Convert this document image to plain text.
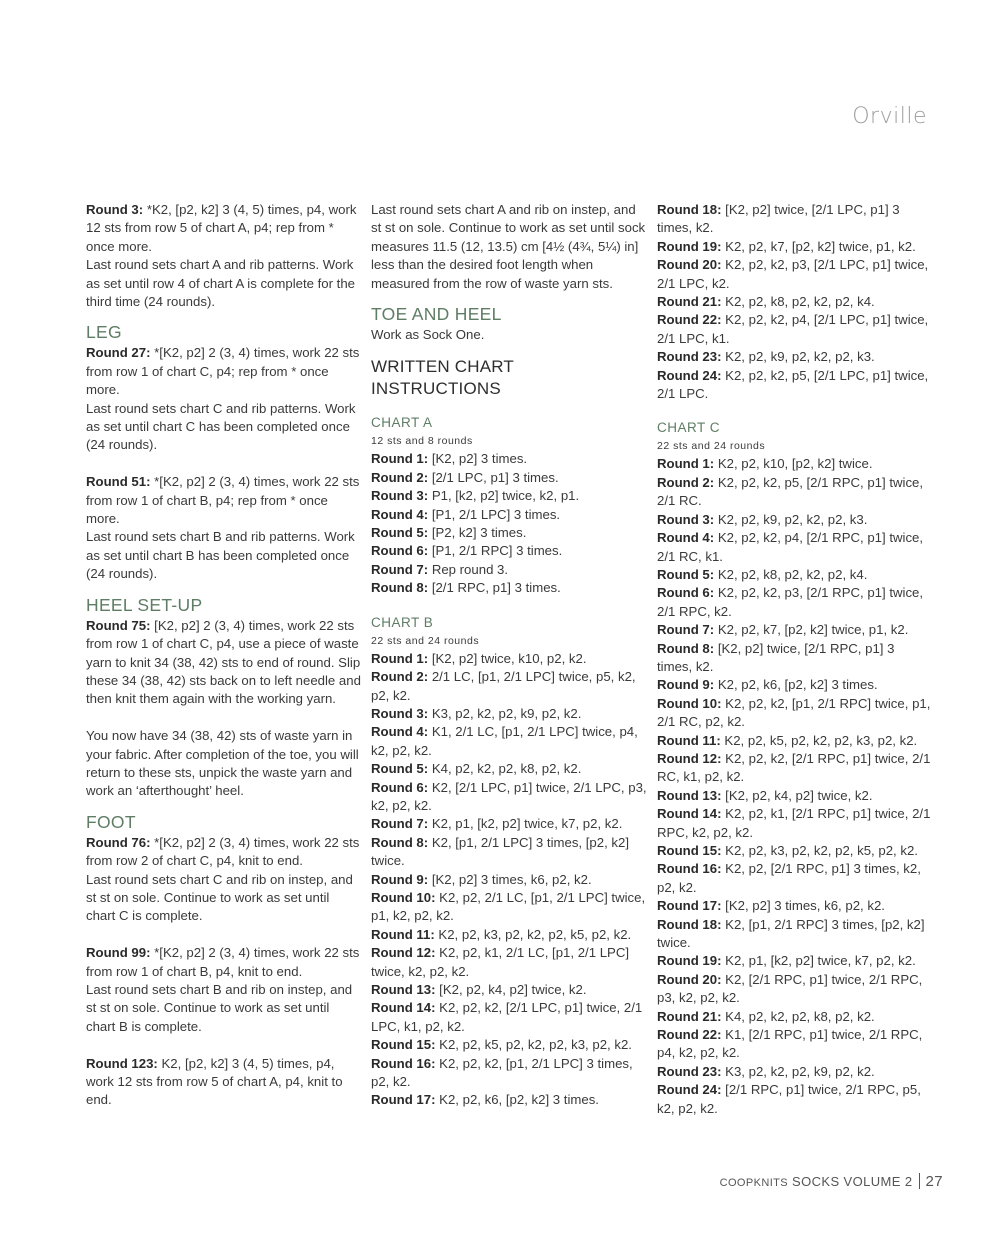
Orville

Round 3: *K2, [p2, k2] 3 (4, 5) times, p4, work 12 sts from row 5 of chart A, p4; rep from * once more.

Last round sets chart A and rib patterns. Work as set until row 4 of chart A is complete for the third time (24 rounds).

LEG

Round 27: *[K2, p2] 2 (3, 4) times, work 22 sts from row 1 of chart C, p4; rep from * once more.

Last round sets chart C and rib patterns. Work as set until chart C has been completed once (24 rounds).

Round 51: *[K2, p2] 2 (3, 4) times, work 22 sts from row 1 of chart B, p4; rep from * once more.

Last round sets chart B and rib patterns. Work as set until chart B has been completed once (24 rounds).

HEEL SET-UP

Round 75: [K2, p2] 2 (3, 4) times, work 22 sts from row 1 of chart C, p4, use a piece of waste yarn to knit 34 (38, 42) sts to end of round. Slip these 34 (38, 42) sts back on to left needle and then knit them again with the working yarn.

You now have 34 (38, 42) sts of waste yarn in your fabric. After completion of the toe, you will return to these sts, unpick the waste yarn and work an ‘afterthought’ heel.

FOOT

Round 76: *[K2, p2] 2 (3, 4) times, work 22 sts from row 2 of chart C, p4, knit to end.

Last round sets chart C and rib on instep, and st st on sole. Continue to work as set until chart C is complete.

Round 99: *[K2, p2] 2 (3, 4) times, work 22 sts from row 1 of chart B, p4, knit to end.

Last round sets chart B and rib on instep, and st st on sole. Continue to work as set until chart B is complete.

Round 123: K2, [p2, k2] 3 (4, 5) times, p4, work 12 sts from row 5 of chart A, p4, knit to end.

Last round sets chart A and rib on instep, and st st on sole. Continue to work as set until sock measures 11.5 (12, 13.5) cm [4½ (4¾, 5¼) in] less than the desired foot length when measured from the row of waste yarn sts.

TOE AND HEEL

Work as Sock One.

WRITTEN CHART INSTRUCTIONS
CHART A
12 sts and 8 rounds

Round 1: [K2, p2] 3 times.

Round 2: [2/1 LPC, p1] 3 times.

Round 3: P1, [k2, p2] twice, k2, p1.

Round 4: [P1, 2/1 LPC] 3 times.

Round 5: [P2, k2] 3 times.

Round 6: [P1, 2/1 RPC] 3 times.

Round 7: Rep round 3.

Round 8: [2/1 RPC, p1] 3 times.

CHART B
22 sts and 24 rounds

Round 1: [K2, p2] twice, k10, p2, k2.

Round 2: 2/1 LC, [p1, 2/1 LPC] twice, p5, k2, p2, k2.

Round 3: K3, p2, k2, p2, k9, p2, k2.

Round 4: K1, 2/1 LC, [p1, 2/1 LPC] twice, p4, k2, p2, k2.

Round 5: K4, p2, k2, p2, k8, p2, k2.

Round 6: K2, [2/1 LPC, p1] twice, 2/1 LPC, p3, k2, p2, k2.

Round 7: K2, p1, [k2, p2] twice, k7, p2, k2.

Round 8: K2, [p1, 2/1 LPC] 3 times, [p2, k2] twice.

Round 9: [K2, p2] 3 times, k6, p2, k2.

Round 10: K2, p2, 2/1 LC, [p1, 2/1 LPC] twice, p1, k2, p2, k2.

Round 11: K2, p2, k3, p2, k2, p2, k5, p2, k2.

Round 12: K2, p2, k1, 2/1 LC, [p1, 2/1 LPC] twice, k2, p2, k2.

Round 13: [K2, p2, k4, p2] twice, k2.

Round 14: K2, p2, k2, [2/1 LPC, p1] twice, 2/1 LPC, k1, p2, k2.

Round 15: K2, p2, k5, p2, k2, p2, k3, p2, k2.

Round 16: K2, p2, k2, [p1, 2/1 LPC] 3 times, p2, k2.

Round 17: K2, p2, k6, [p2, k2] 3 times.

Round 18: [K2, p2] twice, [2/1 LPC, p1] 3 times, k2.

Round 19: K2, p2, k7, [p2, k2] twice, p1, k2.

Round 20: K2, p2, k2, p3, [2/1 LPC, p1] twice, 2/1 LPC, k2.

Round 21: K2, p2, k8, p2, k2, p2, k4.

Round 22: K2, p2, k2, p4, [2/1 LPC, p1] twice, 2/1 LPC, k1.

Round 23: K2, p2, k9, p2, k2, p2, k3.

Round 24: K2, p2, k2, p5, [2/1 LPC, p1] twice, 2/1 LPC.

CHART C
22 sts and 24 rounds

Round 1: K2, p2, k10, [p2, k2] twice.

Round 2: K2, p2, k2, p5, [2/1 RPC, p1] twice, 2/1 RC.

Round 3: K2, p2, k9, p2, k2, p2, k3.

Round 4: K2, p2, k2, p4, [2/1 RPC, p1] twice, 2/1 RC, k1.

Round 5: K2, p2, k8, p2, k2, p2, k4.

Round 6: K2, p2, k2, p3, [2/1 RPC, p1] twice, 2/1 RPC, k2.

Round 7: K2, p2, k7, [p2, k2] twice, p1, k2.

Round 8: [K2, p2] twice, [2/1 RPC, p1] 3 times, k2.

Round 9: K2, p2, k6, [p2, k2] 3 times.

Round 10: K2, p2, k2, [p1, 2/1 RPC] twice, p1, 2/1 RC, p2, k2.

Round 11: K2, p2, k5, p2, k2, p2, k3, p2, k2.

Round 12: K2, p2, k2, [2/1 RPC, p1] twice, 2/1 RC, k1, p2, k2.

Round 13: [K2, p2, k4, p2] twice, k2.

Round 14: K2, p2, k1, [2/1 RPC, p1] twice, 2/1 RPC, k2, p2, k2.

Round 15: K2, p2, k3, p2, k2, p2, k5, p2, k2.

Round 16: K2, p2, [2/1 RPC, p1] 3 times, k2, p2, k2.

Round 17: [K2, p2] 3 times, k6, p2, k2.

Round 18: K2, [p1, 2/1 RPC] 3 times, [p2, k2] twice.

Round 19: K2, p1, [k2, p2] twice, k7, p2, k2.

Round 20: K2, [2/1 RPC, p1] twice, 2/1 RPC, p3, k2, p2, k2.

Round 21: K4, p2, k2, p2, k8, p2, k2.

Round 22: K1, [2/1 RPC, p1] twice, 2/1 RPC, p4, k2, p2, k2.

Round 23: K3, p2, k2, p2, k9, p2, k2.

Round 24: [2/1 RPC, p1] twice, 2/1 RPC, p5, k2, p2, k2.

COOPKNITS SOCKS VOLUME 2 27
